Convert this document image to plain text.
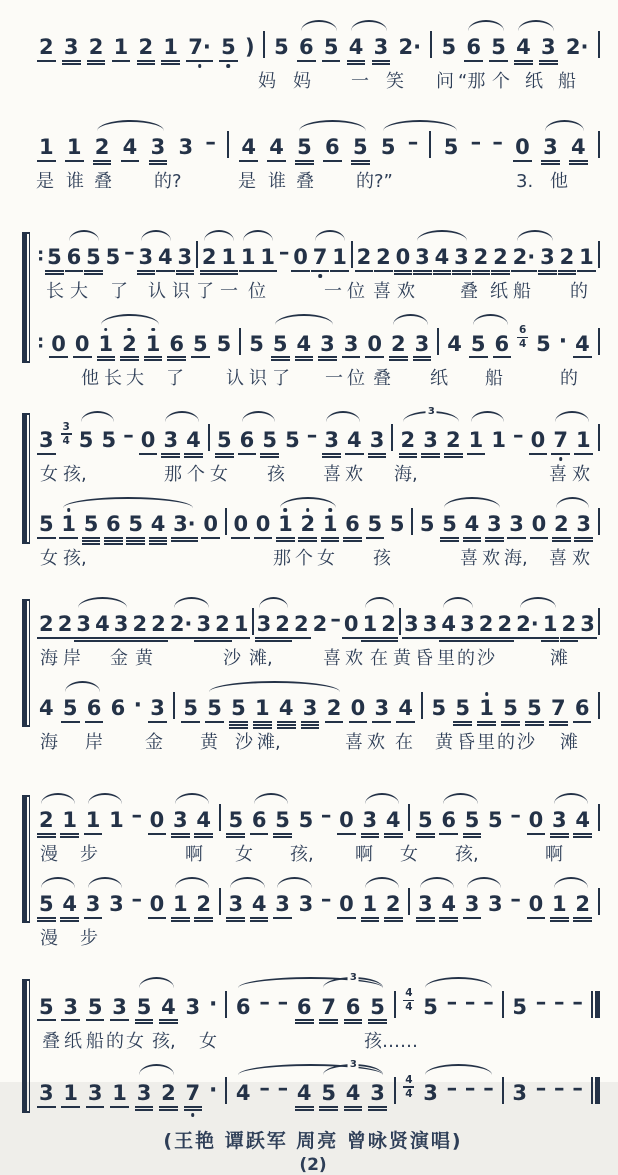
2 3 2 1 2 1 7· 5 ) 5 6 5 4 3 2· 5 6 5 4 3 2·
妈 妈 一 笑 问 “那 个 纸 船
1 1 2 4 3 3 – 4 4 5 6 5 5 – 5 – – 0 3 4
是 谁 叠 的?	是 谁 叠 的?”	3. 他
∶ 5 6 5 5 – 3 4 3 2 1 1 1 – 0 7 1 2 2 0 3 4 3 2 2 2· 3 2 1
长 大 了 认 识 了 一 位	一 位 喜 欢	叠 纸 船 的
∶ 0 0 1 2 1 6 5 5 5 5 4 3 3 0 2 3 4 5 6
6
4 5 · 4
他 长 大 了 认 识 了 一 位 叠 纸 船	的
3
3
4 5 5 – 0 3 4 5 6 5 5 – 3 4 3 2 3 2 1 1 – 0 7 1
3
女 孩,	那 个 女 孩 喜 欢 海,	喜 欢
5 1 5 6 5 4 3· 0 0 0 1 2 1 6 5 5 5 5 4 3 3 0 2 3
女 孩,	那 个 女 孩	喜 欢 海, 喜 欢
2 2 3 4 3 2 2 2· 3 2 1 3 2 2 2 – 0 1 2 3 3 4 3 2 2 2· 1 2 3
海 岸 金 黄	沙 滩,	喜 欢 在 黄 昏 里 的 沙	滩
4 5 6 6 · 3 5 5 5 1 4 3 2 0 3 4 5 5 1 5 5 7 6
海 岸 金 黄 沙 滩,	喜 欢 在 黄 昏 里 的 沙 滩
2 1 1 1 – 0 3 4 5 6 5 5 – 0 3 4 5 6 5 5 – 0 3 4
漫 步	啊 女 孩, 啊 女 孩,	啊
5 4 3 3 – 0 1 2 3 4 3 3 – 0 1 2 3 4 3 3 – 0 1 2
漫 步
5 3 5 3 5 4 3 · 6 – – 6 7 6 5
4
4 5 – – – 5 – – –
3
叠 纸 船 的 女 孩, 女	孩……
3 1 3 1 3 2 7 · 4 – – 4 5 4 3
4
4 3 – – – 3 – – –
3
(王艳 谭跃军 周亮 曾咏贤演唱)
(2)
